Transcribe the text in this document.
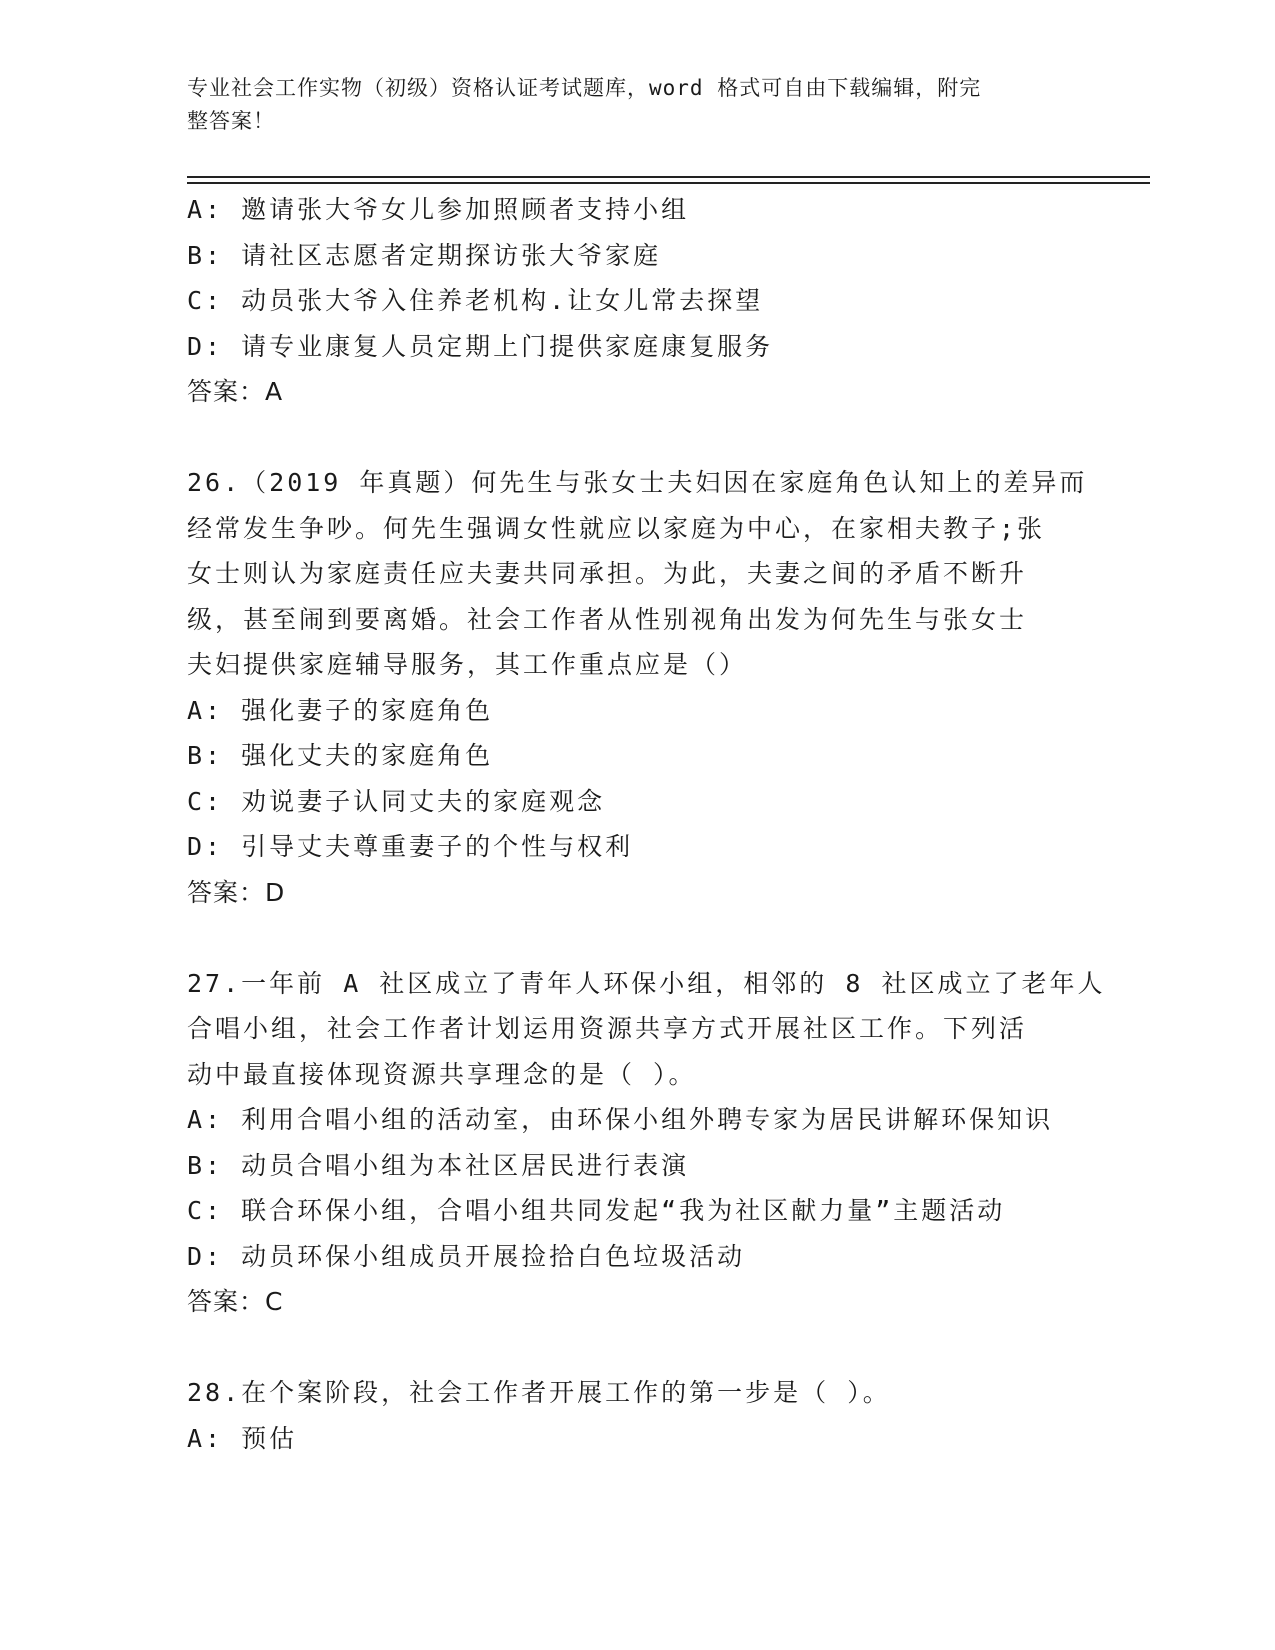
专业社会工作实物（初级）资格认证考试题库，word 格式可自由下载编辑，附完
整答案！
A: 邀请张大爷女儿参加照顾者支持小组
B: 请社区志愿者定期探访张大爷家庭
C: 动员张大爷入住养老机构.让女儿常去探望
D: 请专业康复人员定期上门提供家庭康复服务
答案：A
26.（2019 年真题）何先生与张女士夫妇因在家庭角色认知上的差异而
经常发生争吵。何先生强调女性就应以家庭为中心，在家相夫教子;张
女士则认为家庭责任应夫妻共同承担。为此，夫妻之间的矛盾不断升
级，甚至闹到要离婚。社会工作者从性别视角出发为何先生与张女士
夫妇提供家庭辅导服务，其工作重点应是（）
A: 强化妻子的家庭角色
B: 强化丈夫的家庭角色
C: 劝说妻子认同丈夫的家庭观念
D: 引导丈夫尊重妻子的个性与权利
答案：D
27.一年前 A 社区成立了青年人环保小组，相邻的 8 社区成立了老年人
合唱小组，社会工作者计划运用资源共享方式开展社区工作。下列活
动中最直接体现资源共享理念的是（ ）。
A: 利用合唱小组的活动室，由环保小组外聘专家为居民讲解环保知识
B: 动员合唱小组为本社区居民进行表演
C: 联合环保小组，合唱小组共同发起“我为社区献力量”主题活动
D: 动员环保小组成员开展捡拾白色垃圾活动
答案：C
28.在个案阶段，社会工作者开展工作的第一步是（ ）。
A: 预估
